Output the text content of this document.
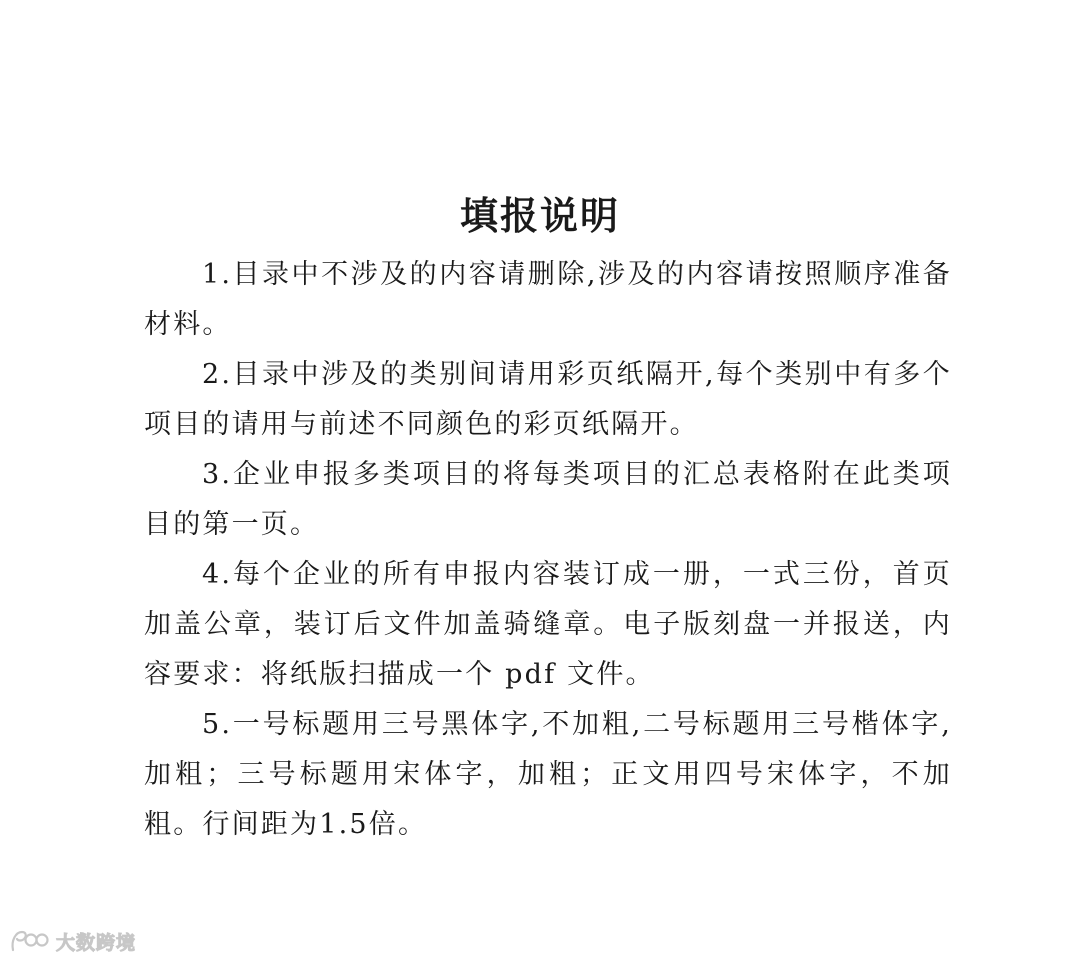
填报说明

1.目录中不涉及的内容请删除,涉及的内容请按照顺序准备材料。

2.目录中涉及的类别间请用彩页纸隔开,每个类别中有多个项目的请用与前述不同颜色的彩页纸隔开。

3.企业申报多类项目的将每类项目的汇总表格附在此类项目的第一页。

4.每个企业的所有申报内容装订成一册，一式三份，首页加盖公章，装订后文件加盖骑缝章。电子版刻盘一并报送，内容要求：将纸版扫描成一个 pdf 文件。

5.一号标题用三号黑体字,不加粗,二号标题用三号楷体字,加粗；三号标题用宋体字，加粗；正文用四号宋体字，不加粗。行间距为1.5倍。

大数跨境
